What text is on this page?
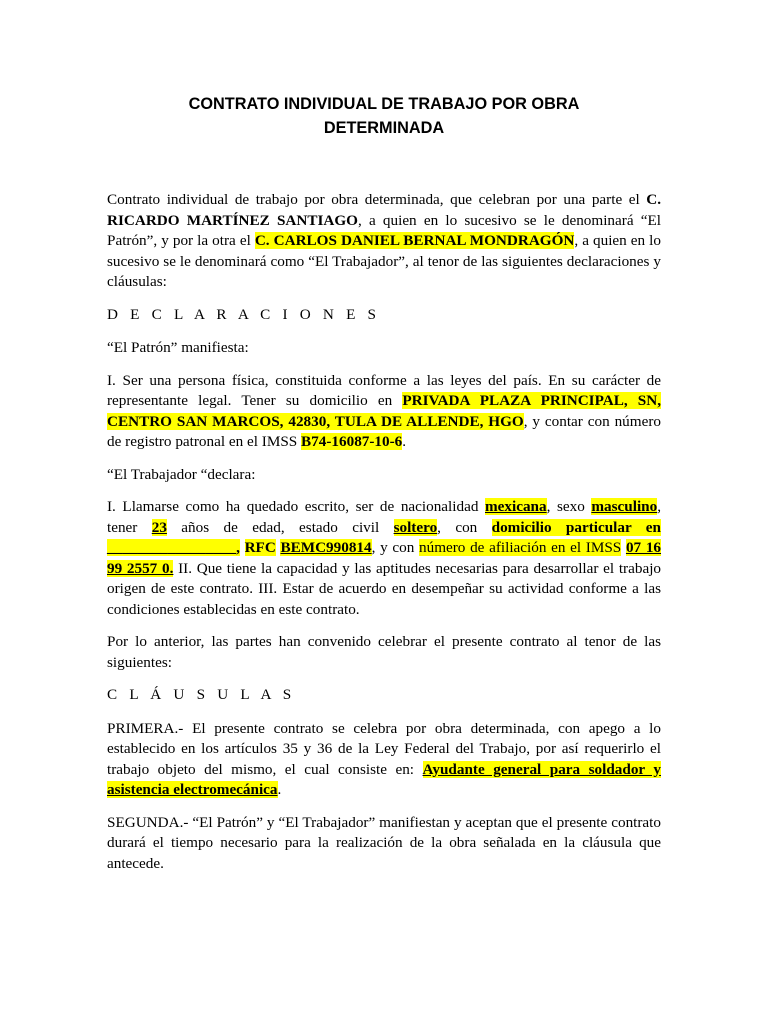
CONTRATO INDIVIDUAL DE TRABAJO POR OBRA
DETERMINADA

Contrato individual de trabajo por obra determinada, que celebran por una parte el C. RICARDO MARTÍNEZ SANTIAGO, a quien en lo sucesivo se le denominará “El Patrón”, y por la otra el C. CARLOS DANIEL BERNAL MONDRAGÓN, a quien en lo sucesivo se le denominará como “El Trabajador”, al tenor de las siguientes declaraciones y cláusulas:

D E C L A R A C I O N E S

“El Patrón” manifiesta:

I. Ser una persona física, constituida conforme a las leyes del país. En su carácter de representante legal. Tener su domicilio en PRIVADA PLAZA PRINCIPAL, SN, CENTRO SAN MARCOS, 42830, TULA DE ALLENDE, HGO, y contar con número de registro patronal en el IMSS B74-16087-10-6.

“El Trabajador “declara:

I. Llamarse como ha quedado escrito, ser de nacionalidad mexicana, sexo masculino, tener 23 años de edad, estado civil soltero, con domicilio particular en _________________, RFC BEMC990814, y con número de afiliación en el IMSS 07 16 99 2557 0. II. Que tiene la capacidad y las aptitudes necesarias para desarrollar el trabajo origen de este contrato. III. Estar de acuerdo en desempeñar su actividad conforme a las condiciones establecidas en este contrato.

Por lo anterior, las partes han convenido celebrar el presente contrato al tenor de las siguientes:

C L Á U S U L A S

PRIMERA.- El presente contrato se celebra por obra determinada, con apego a lo establecido en los artículos 35 y 36 de la Ley Federal del Trabajo, por así requerirlo el trabajo objeto del mismo, el cual consiste en: Ayudante general para soldador y asistencia electromecánica.

SEGUNDA.- “El Patrón” y “El Trabajador” manifiestan y aceptan que el presente contrato durará el tiempo necesario para la realización de la obra señalada en la cláusula que antecede.
